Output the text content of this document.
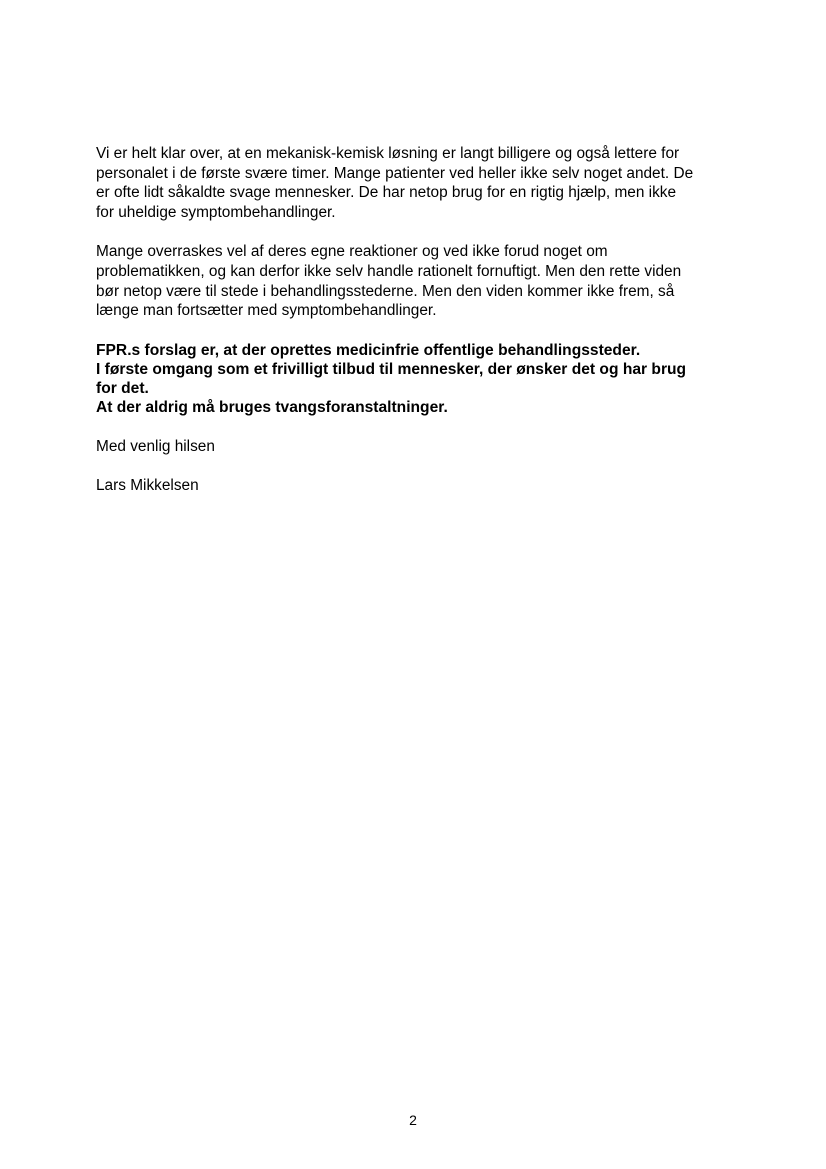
Vi er helt klar over, at en mekanisk-kemisk løsning er langt billigere og også lettere for
personalet i de første svære timer. Mange patienter ved heller ikke selv noget andet. De
er ofte lidt såkaldte svage mennesker. De har netop brug for en rigtig hjælp, men ikke
for uheldige symptombehandlinger.

Mange overraskes vel af deres egne reaktioner og ved ikke forud noget om
problematikken, og kan derfor ikke selv handle rationelt fornuftigt. Men den rette viden
bør netop være til stede i behandlingsstederne. Men den viden kommer ikke frem, så
længe man fortsætter med symptombehandlinger.

FPR.s forslag er, at der oprettes medicinfrie offentlige behandlingssteder.
I første omgang som et frivilligt tilbud til mennesker, der ønsker det og har brug
for det.
At der aldrig må bruges tvangsforanstaltninger.

Med venlig hilsen

Lars Mikkelsen

2
